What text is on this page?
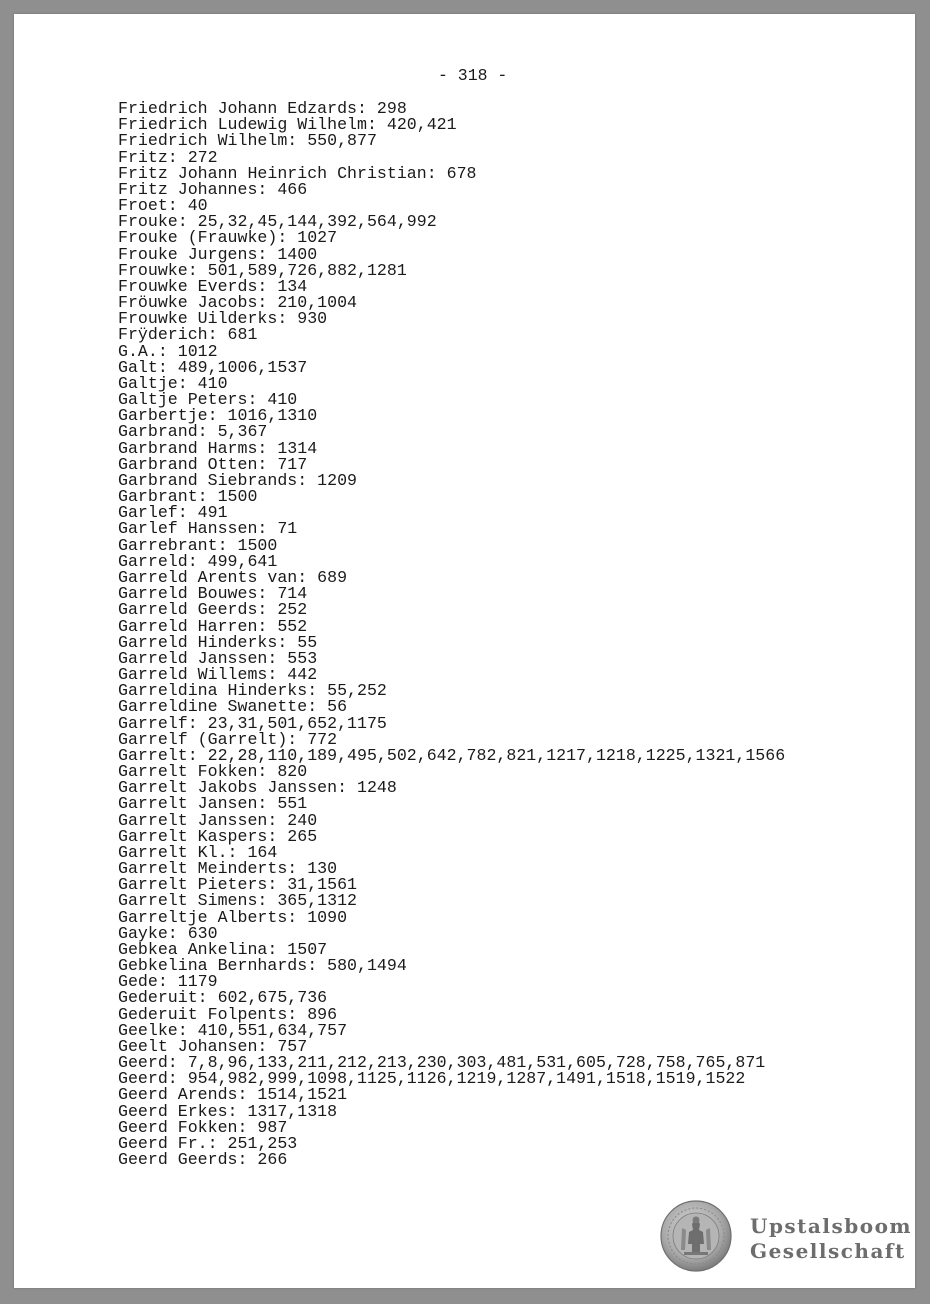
- 318 -
Friedrich Johann Edzards: 298
Friedrich Ludewig Wilhelm: 420,421
Friedrich Wilhelm: 550,877
Fritz: 272
Fritz Johann Heinrich Christian: 678
Fritz Johannes: 466
Froet: 40
Frouke: 25,32,45,144,392,564,992
Frouke (Frauwke): 1027
Frouke Jurgens: 1400
Frouwke: 501,589,726,882,1281
Frouwke Everds: 134
Fröuwke Jacobs: 210,1004
Frouwke Uilderks: 930
Frÿderich: 681
G.A.: 1012
Galt: 489,1006,1537
Galtje: 410
Galtje Peters: 410
Garbertje: 1016,1310
Garbrand: 5,367
Garbrand Harms: 1314
Garbrand Otten: 717
Garbrand Siebrands: 1209
Garbrant: 1500
Garlef: 491
Garlef Hanssen: 71
Garrebrant: 1500
Garreld: 499,641
Garreld Arents van: 689
Garreld Bouwes: 714
Garreld Geerds: 252
Garreld Harren: 552
Garreld Hinderks: 55
Garreld Janssen: 553
Garreld Willems: 442
Garreldina Hinderks: 55,252
Garreldine Swanette: 56
Garrelf: 23,31,501,652,1175
Garrelf (Garrelt): 772
Garrelt: 22,28,110,189,495,502,642,782,821,1217,1218,1225,1321,1566
Garrelt Fokken: 820
Garrelt Jakobs Janssen: 1248
Garrelt Jansen: 551
Garrelt Janssen: 240
Garrelt Kaspers: 265
Garrelt Kl.: 164
Garrelt Meinderts: 130
Garrelt Pieters: 31,1561
Garrelt Simens: 365,1312
Garreltje Alberts: 1090
Gayke: 630
Gebkea Ankelina: 1507
Gebkelina Bernhards: 580,1494
Gede: 1179
Gederuit: 602,675,736
Gederuit Folpents: 896
Geelke: 410,551,634,757
Geelt Johansen: 757
Geerd: 7,8,96,133,211,212,213,230,303,481,531,605,728,758,765,871
Geerd: 954,982,999,1098,1125,1126,1219,1287,1491,1518,1519,1522
Geerd Arends: 1514,1521
Geerd Erkes: 1317,1318
Geerd Fokken: 987
Geerd Fr.: 251,253
Geerd Geerds: 266
Upstalsboom
Gesellschaft
